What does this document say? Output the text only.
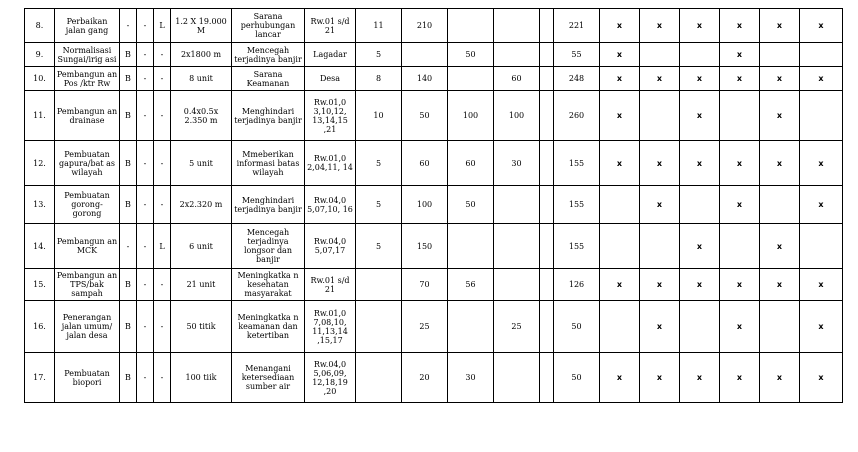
8.	Perbaikan jalan gang	-	-	L	1.2 X 19.000 M	Sarana perhubungan lancar	Rw.01 s/d 21	11	210				221	x	x	x	x	x	x
9.	Normalisasi Sungai/irig asi	B	-	-	2x1800 m	Mencegah terjadinya banjir	Lagadar	5		50			55	x			x		
10.	Pembangun an Pos /ktr Rw	B	-	-	8 unit	Sarana Keamanan	Desa	8	140		60		248	x	x	x	x	x	x
11.	Pembangun an drainase	B	-	-	0.4x0.5x 2.350 m	Menghindari terjadinya banjir	Rw.01,0 3,10,12, 13,14,15 ,21	10	50	100	100		260	x		x		x	
12.	Pembuatan gapura/bat as wilayah	B	-	-	5 unit	Mmeberikan informasi batas wilayah	Rw.01,0 2,04,11, 14	5	60	60	30		155	x	x	x	x	x	x
13.	Pembuatan gorong- gorong	B	-	-	2x2.320 m	Menghindari terjadinya banjir	Rw.04,0 5,07,10, 16	5	100	50			155		x		x		x
14.	Pembangun an MCK	-	-	L	6 unit	Mencegah terjadinya longsor dan banjir	Rw.04,0 5,07,17	5	150				155			x		x	
15.	Pembangun an TPS/bak sampah	B	-	-	21 unit	Meningkatka n kesehatan masyarakat	Rw.01 s/d 21		70	56			126	x	x	x	x	x	x
16.	Penerangan jalan umum/ jalan desa	B	-	-	50 titik	Meningkatka n keamanan dan ketertiban	Rw.01,0 7,08,10, 11,13,14 ,15,17		25		25		50		x		x		x
17.	Pembuatan biopori	B	-	-	100 tiik	Menangani ketersediaan sumber air	Rw.04,0 5,06,09, 12,18,19 ,20		20	30			50	x	x	x	x	x	x
